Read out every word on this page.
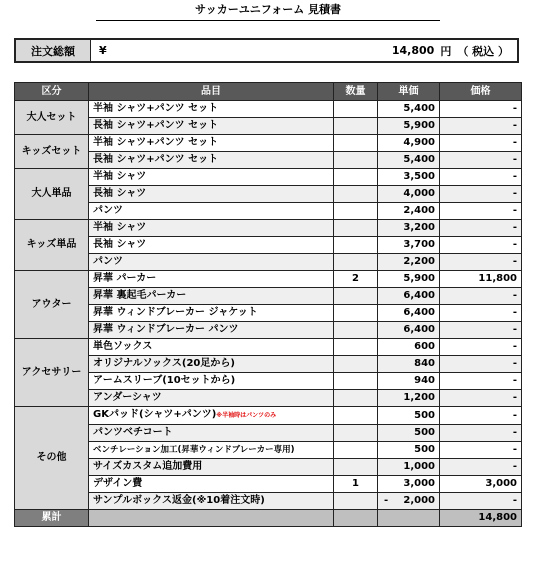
サッカーユニフォーム 見積書
注文総額	¥	14,800 円 （ 税込 ）
区分	品目	数量	単価	価格
大人セット	半袖 シャツ+パンツ セット		5,400	-
	長袖 シャツ+パンツ セット		5,900	-
キッズセット	半袖 シャツ+パンツ セット		4,900	-
	長袖 シャツ+パンツ セット		5,400	-
大人単品	半袖 シャツ		3,500	-
	長袖 シャツ		4,000	-
	パンツ		2,400	-
キッズ単品	半袖 シャツ		3,200	-
	長袖 シャツ		3,700	-
	パンツ		2,200	-
アウター	昇華 パーカー	2	5,900	11,800
	昇華 裏起毛パーカー		6,400	-
	昇華 ウィンドブレーカー ジャケット		6,400	-
	昇華 ウィンドブレーカー パンツ		6,400	-
アクセサリー	単色ソックス		600	-
	オリジナルソックス(20足から)		840	-
	アームスリーブ(10セットから)		940	-
	アンダーシャツ		1,200	-
その他	GKパッド(シャツ+パンツ)※半袖時はパンツのみ		500	-
	パンツベチコート		500	-
	ベンチレーション加工(昇華ウィンドブレーカー専用)		500	-
	サイズカスタム追加費用		1,000	-
	デザイン費	1	3,000	3,000
	サンプルボックス返金(※10着注文時)		- 2,000	-
累計				14,800
